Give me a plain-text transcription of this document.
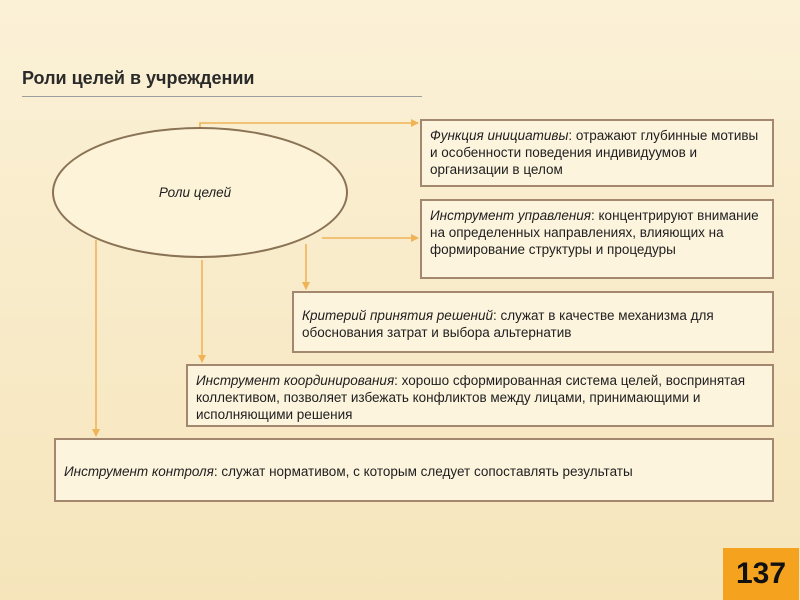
Роли целей в учреждении
Роли целей
Функция инициативы: отражают глубинные мотивы и особенности поведения индивидуумов и организации в целом
Инструмент управления: концентрируют внимание на определенных направлениях, влияющих на формирование структуры и процедуры
Критерий принятия решений: служат в качестве механизма для обоснования затрат и выбора альтернатив
Инструмент координирования: хорошо сформированная система целей, воспринятая коллективом, позволяет избежать конфликтов между лицами, принимающими и исполняющими решения
Инструмент контроля: служат нормативом, с которым следует сопоставлять результаты
137
